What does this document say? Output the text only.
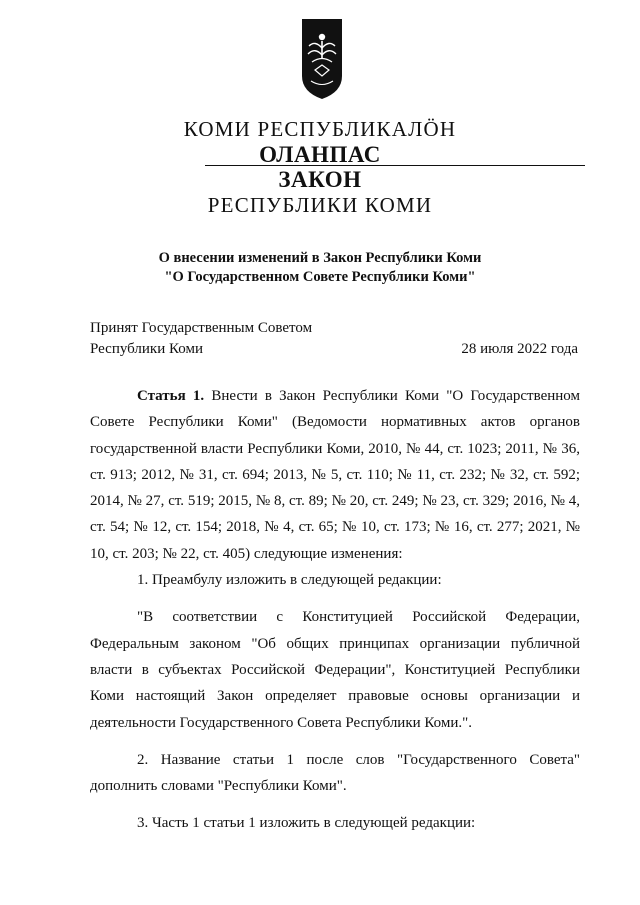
КОМИ РЕСПУБЛИКАЛӦН
ОЛАНПАС
ЗАКОН
РЕСПУБЛИКИ КОМИ
О внесении изменений в Закон Республики Коми
"О Государственном Совете Республики Коми"
Принят Государственным Советом
Республики Коми	28 июля 2022 года

Статья 1. Внести в Закон Республики Коми "О Государственном Совете Республики Коми" (Ведомости нормативных актов органов государственной власти Республики Коми, 2010, № 44, ст. 1023; 2011, № 36, ст. 913; 2012, № 31, ст. 694; 2013, № 5, ст. 110; № 11, ст. 232; № 32, ст. 592; 2014, № 27, ст. 519; 2015, № 8, ст. 89; № 20, ст. 249; № 23, ст. 329; 2016, № 4, ст. 54; № 12, ст. 154; 2018, № 4, ст. 65; № 10, ст. 173; № 16, ст. 277; 2021, № 10, ст. 203; № 22, ст. 405) следующие изменения:

1. Преамбулу изложить в следующей редакции:

"В соответствии с Конституцией Российской Федерации, Федеральным законом "Об общих принципах организации публичной власти в субъектах Российской Федерации", Конституцией Республики Коми настоящий Закон определяет правовые основы организации и деятельности Государственного Совета Республики Коми.".

2. Название статьи 1 после слов "Государственного Совета" дополнить словами "Республики Коми".

3. Часть 1 статьи 1 изложить в следующей редакции:
